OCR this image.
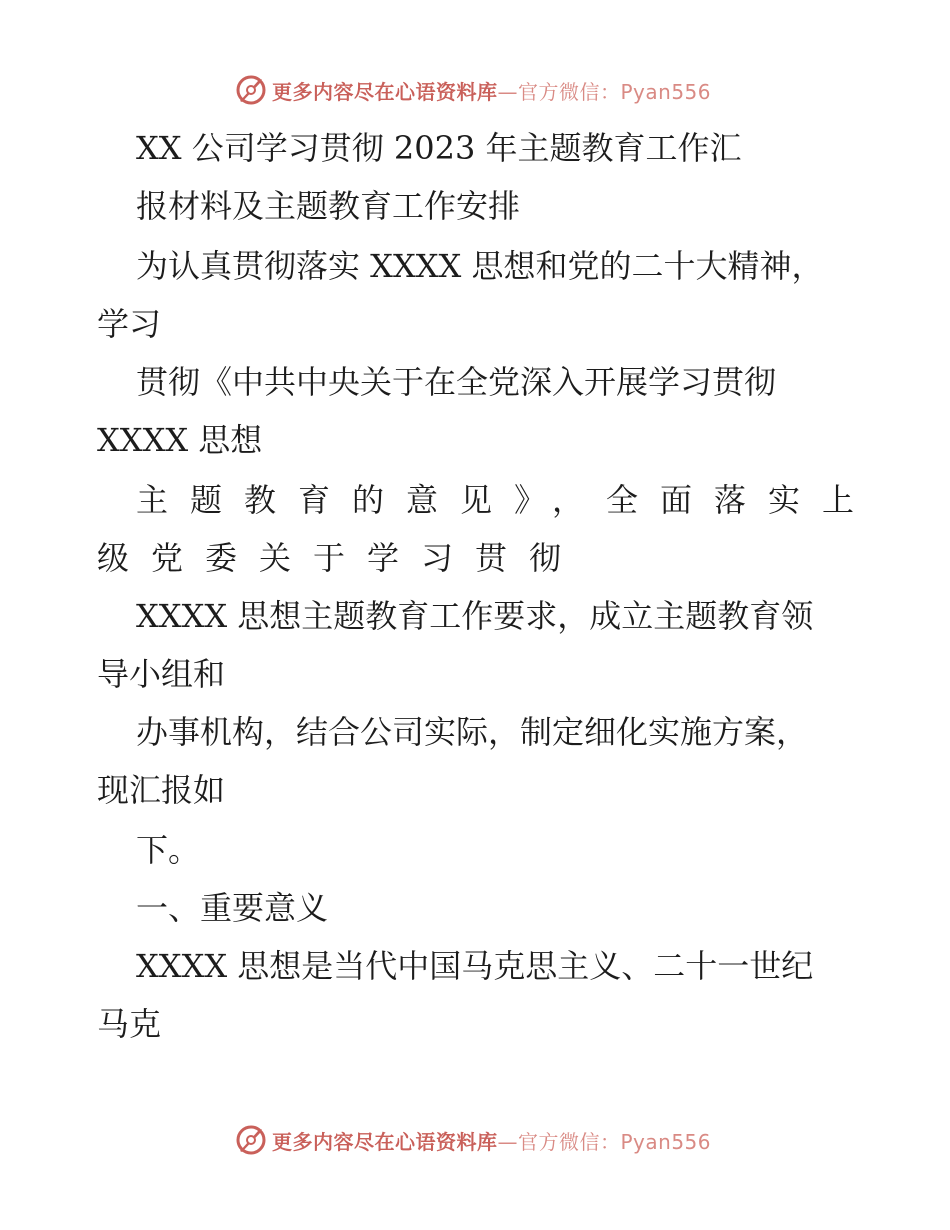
更多内容尽在心语资料库—官方微信：Pyan556
XX 公司学习贯彻 2023 年主题教育工作汇
报材料及主题教育工作安排
为认真贯彻落实 XXXX 思想和党的二十大精神，
学习
贯彻《中共中央关于在全党深入开展学习贯彻
XXXX 思想
主题教育的意见》，全面落实上
级党委关于学习贯彻
XXXX 思想主题教育工作要求，成立主题教育领
导小组和
办事机构，结合公司实际，制定细化实施方案，
现汇报如
下。
一、重要意义
XXXX 思想是当代中国马克思主义、二十一世纪
马克
更多内容尽在心语资料库—官方微信：Pyan556
